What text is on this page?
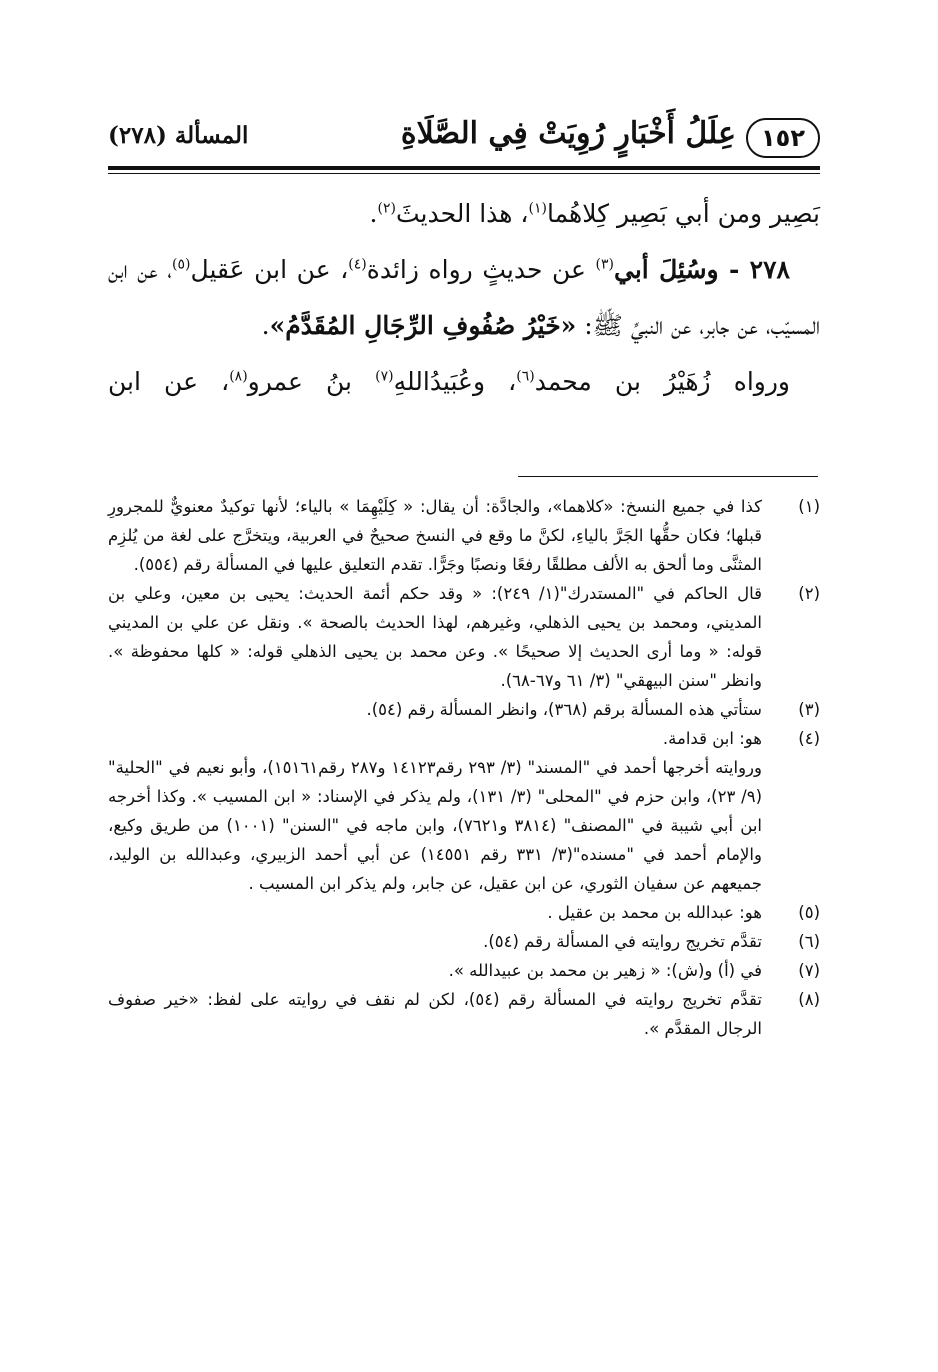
١٥٢
عِلَلُ أَخْبَارٍ رُوِيَتْ فِي الصَّلَاةِ
المسألة (٢٧٨)

بَصِير ومن أبي بَصِير كِلاهُما$^{(١)}$، هذا الحديثَ$^{(٢)}$.

٢٧٨ - وسُئِلَ أبي$^{(٣)}$ عن حديثٍ رواه زائدة$^{(٤)}$، عن ابن عَقيل$^{(٥)}$، عن ابن المسيّب، عن جابر، عن النبيِّ ﷺ: «خَيْرُ صُفُوفِ الرِّجَالِ المُقَدَّمُ».

ورواه زُهَيْرُ بن محمد$^{(٦)}$، وعُبَيدُاللهِ$^{(٧)}$ بنُ عمرو$^{(٨)}$، عن ابن

(١)
كذا في جميع النسخ: «كلاهما»، والجادَّة: أن يقال: « كِلَيْهِمَا » بالياء؛ لأنها توكيدٌ معنويٌّ للمجرورِ قبلها؛ فكان حقُّها الجَرَّ بالياءِ، لكنَّ ما وقع في النسخ صحيحٌ في العربية، ويتخرَّج على لغة من يُلزِم المثنَّى وما ألحق به الألف مطلقًا رفعًا ونصبًا وجَرًّا. تقدم التعليق عليها في المسألة رقم (٥٥٤).
(٢)
قال الحاكم في "المستدرك"(١/ ٢٤٩): « وقد حكم أئمة الحديث: يحيى بن معين، وعلي بن المديني، ومحمد بن يحيى الذهلي، وغيرهم، لهذا الحديث بالصحة ». ونقل عن علي بن المديني قوله: « وما أرى الحديث إلا صحيحًا ». وعن محمد بن يحيى الذهلي قوله: « كلها محفوظة ». وانظر "سنن البيهقي" (٣/ ٦١ و٦٧-٦٨).
(٣)
ستأتي هذه المسألة برقم (٣٦٨)، وانظر المسألة رقم (٥٤).
(٤)
هو: ابن قدامة.
وروايته أخرجها أحمد في "المسند" (٣/ ٢٩٣ رقم١٤١٢٣ و٢٨٧ رقم١٥١٦١)، وأبو نعيم في "الحلية" (٩/ ٢٣)، وابن حزم في "المحلى" (٣/ ١٣١)، ولم يذكر في الإسناد: « ابن المسيب ». وكذا أخرجه ابن أبي شيبة في "المصنف" (٣٨١٤ و٧٦٢١)، وابن ماجه في "السنن" (١٠٠١) من طريق وكيع، والإمام أحمد في "مسنده"(٣/ ٣٣١ رقم ١٤٥٥١) عن أبي أحمد الزبيري، وعبدالله بن الوليد، جميعهم عن سفيان الثوري، عن ابن عقيل، عن جابر، ولم يذكر ابن المسيب .
(٥)
هو: عبدالله بن محمد بن عقيل .
(٦)
تقدَّم تخريج روايته في المسألة رقم (٥٤).
(٧)
في (أ) و(ش): « زهير بن محمد بن عبيدالله ».
(٨)
تقدَّم تخريج روايته في المسألة رقم (٥٤)، لكن لم نقف في روايته على لفظ: «خير صفوف الرجال المقدَّم ».
